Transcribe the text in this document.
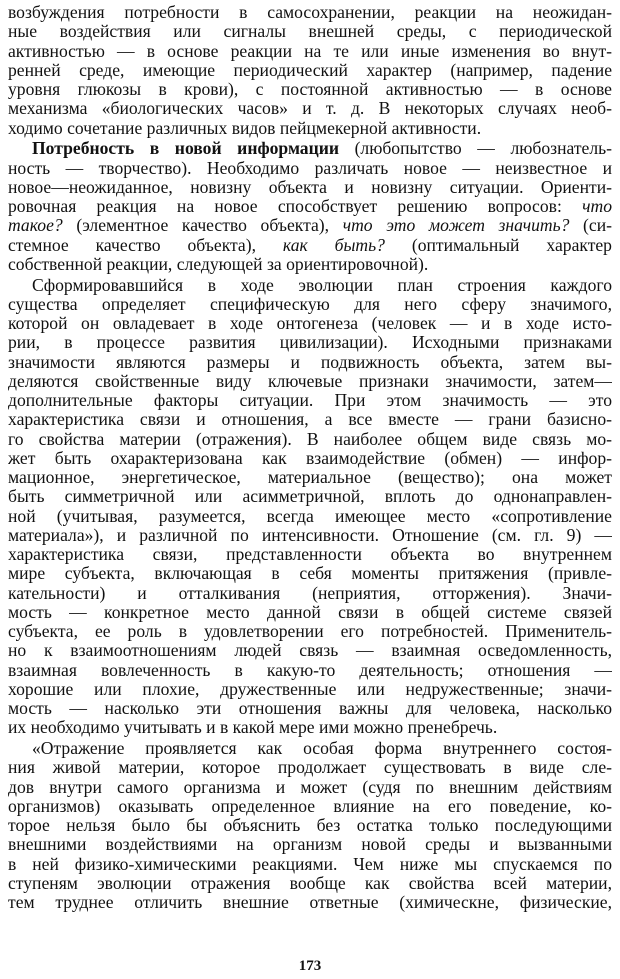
возбуждения потребности в самосохранении, реакции на неожидан-
ные воздействия или сигналы внешней среды, с периодической
активностью — в основе реакции на те или иные изменения во внут-
ренней среде, имеющие периодический характер (например, падение
уровня глюкозы в крови), с постоянной активностью — в основе
механизма «биологических часов» и т. д. В некоторых случаях необ-
ходимо сочетание различных видов пейцмекерной активности.
Потребность в новой информации (любопытство — любознатель-
ность — творчество). Необходимо различать новое — неизвестное и
новое—неожиданное, новизну объекта и новизну ситуации. Ориенти-
ровочная реакция на новое способствует решению вопросов: что
такое? (элементное качество объекта), что это может значить? (си-
стемное качество объекта), как быть? (оптимальный характер
собственной реакции, следующей за ориентировочной).
Сформировавшийся в ходе эволюции план строения каждого
существа определяет специфическую для него сферу значимого,
которой он овладевает в ходе онтогенеза (человек — и в ходе исто-
рии, в процессе развития цивилизации). Исходными признаками
значимости являются размеры и подвижность объекта, затем вы-
деляются свойственные виду ключевые признаки значимости, затем—
дополнительные факторы ситуации. При этом значимость — это
характеристика связи и отношения, а все вместе — грани базисно-
го свойства материи (отражения). В наиболее общем виде связь мо-
жет быть охарактеризована как взаимодействие (обмен) — инфор-
мационное, энергетическое, материальное (вещество); она может
быть симметричной или асимметричной, вплоть до однонаправлен-
ной (учитывая, разумеется, всегда имеющее место «сопротивление
материала»), и различной по интенсивности. Отношение (см. гл. 9) —
характеристика связи, представленности объекта во внутреннем
мире субъекта, включающая в себя моменты притяжения (привле-
кательности) и отталкивания (неприятия, отторжения). Значи-
мость — конкретное место данной связи в общей системе связей
субъекта, ее роль в удовлетворении его потребностей. Применитель-
но к взаимоотношениям людей связь — взаимная осведомленность,
взаимная вовлеченность в какую-то деятельность; отношения —
хорошие или плохие, дружественные или недружественные; значи-
мость — насколько эти отношения важны для человека, насколько
их необходимо учитывать и в какой мере ими можно пренебречь.
«Отражение проявляется как особая форма внутреннего состоя-
ния живой материи, которое продолжает существовать в виде сле-
дов внутри самого организма и может (судя по внешним действиям
организмов) оказывать определенное влияние на его поведение, ко-
торое нельзя было бы объяснить без остатка только последующими
внешними воздействиями на организм новой среды и вызванными
в ней физико-химическими реакциями. Чем ниже мы спускаемся по
ступеням эволюции отражения вообще как свойства всей материи,
тем труднее отличить внешние ответные (химическне, физические,
173
